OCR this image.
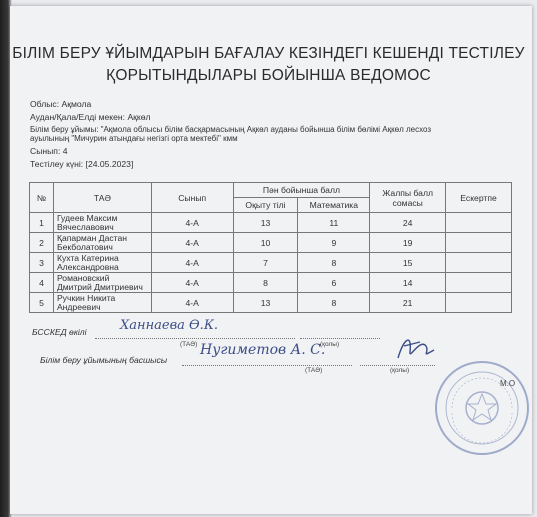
БІЛІМ БЕРУ ҰЙЫМДАРЫН БАҒАЛАУ КЕЗІНДЕГІ КЕШЕНДІ ТЕСТІЛЕУ
ҚОРЫТЫНДЫЛАРЫ БОЙЫНША ВЕДОМОС
Облыс: Ақмола
Аудан/Қала/Елді мекен: Ақкөл
Білім беру ұйымы: "Ақмола облысы білім басқармасының Ақкөл ауданы бойынша білім бөлімі Ақкөл лесхоз
ауылының "Мичурин атындағы негізгі орта мектебі" кмм
Сынып: 4
Тестілеу күні: [24.05.2023]
№	ТАӘ	Сынып	Пән бойынша балл		Жалпы балл сомасы	Ескертпе
			Оқыту тілі	Математика		
1	Гудеев Максим
Вячеславович	4-А	13	11	24	
2	Қапарман Дастан
Бекболатович	4-А	10	9	19	
3	Кухта Катерина
Александровна	4-А	7	8	15	
4	Романовский
Дмитрий Дмитриевич	4-А	8	6	14	
5	Ручкин Никита
Андреевич	4-А	13	8	21	
БССКЕД өкілі	Ханнаева Ө.К.
(ТАӘ)	(қолы)
Білім беру ұйымының басшысы
Нугиметов А. С.
(ТАӘ)	(қолы)
М.О
